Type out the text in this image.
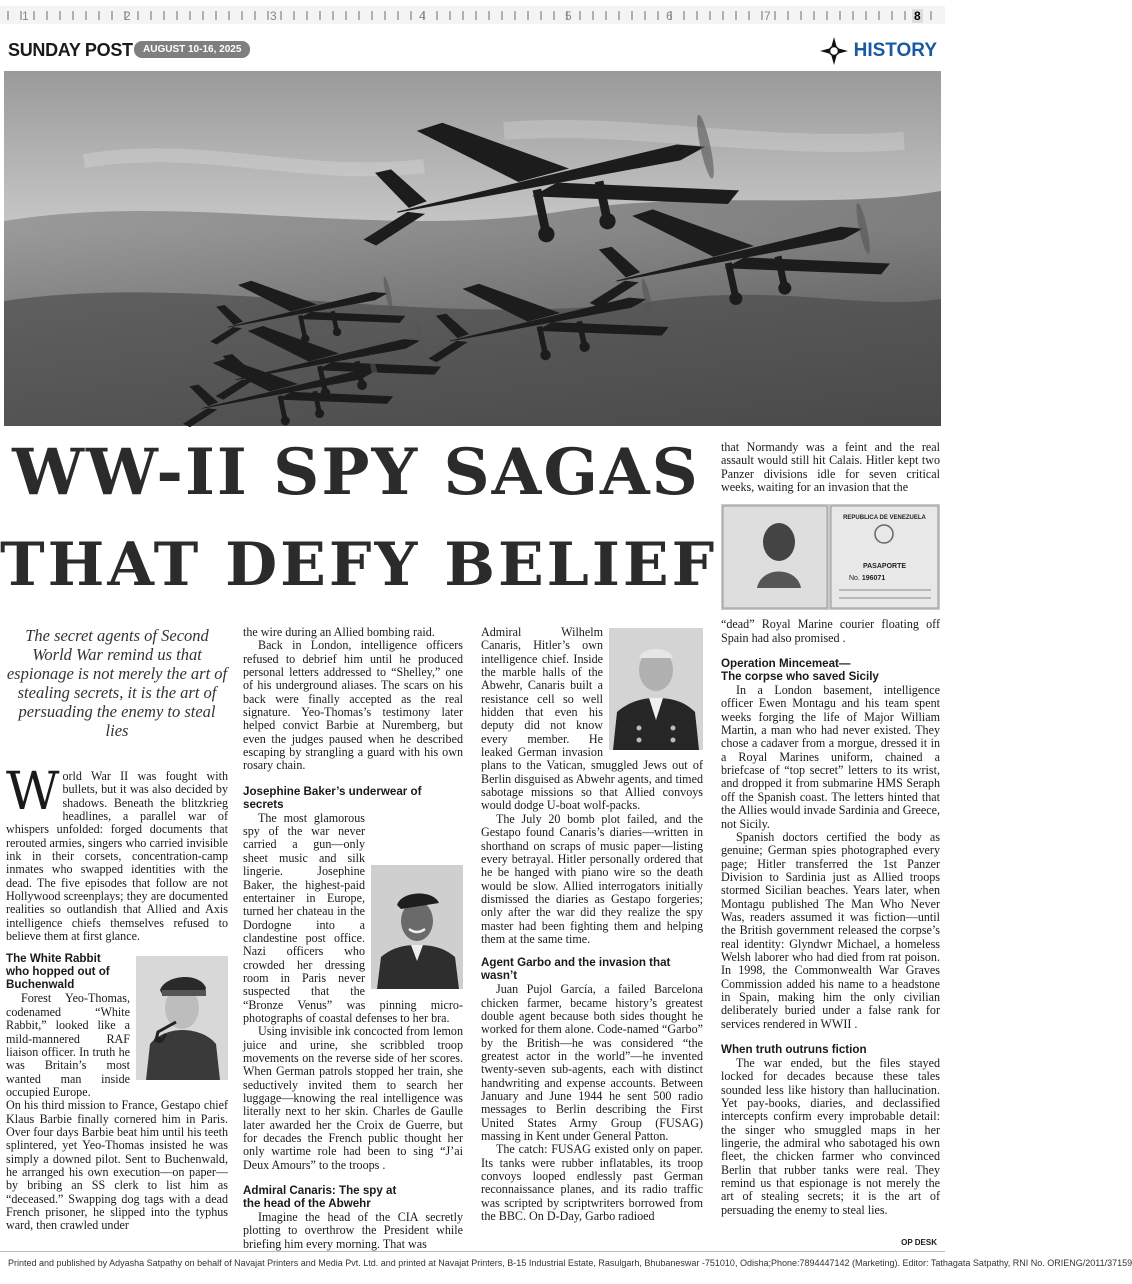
1	2	3	4	5	6	7	8
SUNDAY POST	AUGUST 10-16, 2025	HISTORY
WW-II SPY SAGAS
THAT DEFY BELIEF
The secret agents of Second World War remind us that espionage is not merely the art of stealing secrets, it is the art of persuading the enemy to steal lies

World War II was fought with bullets, but it was also decided by shadows. Beneath the blitzkrieg headlines, a parallel war of whispers unfolded: forged documents that rerouted armies, singers who carried invisible ink in their corsets, concentration-camp inmates who swapped identities with the dead. The five episodes that follow are not Hollywood screenplays; they are documented realities so outlandish that Allied and Axis intelligence chiefs themselves refused to believe them at first glance.

The White Rabbit who hopped out of Buchenwald

Forest Yeo-Thomas, codenamed “White Rabbit,” looked like a mild-mannered RAF liaison officer. In truth he was Britain’s most wanted man inside occupied Europe.

On his third mission to France, Gestapo chief Klaus Barbie finally cornered him in Paris. Over four days Barbie beat him until his teeth splintered, yet Yeo-Thomas insisted he was simply a downed pilot. Sent to Buchenwald, he arranged his own execution—on paper—by bribing an SS clerk to list him as “deceased.” Swapping dog tags with a dead French prisoner, he slipped into the typhus ward, then crawled under

the wire during an Allied bombing raid.

Back in London, intelligence officers refused to debrief him until he produced personal letters addressed to “Shelley,” one of his underground aliases. The scars on his back were finally accepted as the real signature. Yeo-Thomas’s testimony later helped convict Barbie at Nuremberg, but even the judges paused when he described escaping by strangling a guard with his own rosary chain.

Josephine Baker’s underwear of secrets

The most glamorous spy of the war never carried a gun—only sheet music and silk lingerie. Josephine Baker, the highest-paid entertainer in Europe, turned her chateau in the Dordogne into a clandestine post office. Nazi officers who crowded her dressing room in Paris never suspected that the “Bronze Venus” was pinning micro-photographs of coastal defenses to her bra.

Using invisible ink concocted from lemon juice and urine, she scribbled troop movements on the reverse side of her scores. When German patrols stopped her train, she seductively invited them to search her luggage—knowing the real intelligence was literally next to her skin. Charles de Gaulle later awarded her the Croix de Guerre, but for decades the French public thought her only wartime role had been to sing “J’ai Deux Amours” to the troops .

Admiral Canaris: The spy at the head of the Abwehr

Imagine the head of the CIA secretly plotting to overthrow the President while briefing him every morning. That was

Admiral Wilhelm Canaris, Hitler’s own intelligence chief. Inside the marble halls of the Abwehr, Canaris built a resistance cell so well hidden that even his deputy did not know every member. He leaked German invasion plans to the Vatican, smuggled Jews out of Berlin disguised as Abwehr agents, and timed sabotage missions so that Allied convoys would dodge U-boat wolf-packs.

The July 20 bomb plot failed, and the Gestapo found Canaris’s diaries—written in shorthand on scraps of music paper—listing every betrayal. Hitler personally ordered that he be hanged with piano wire so the death would be slow. Allied interrogators initially dismissed the diaries as Gestapo forgeries; only after the war did they realize the spy master had been fighting them and helping them at the same time.

Agent Garbo and the invasion that wasn’t

Juan Pujol García, a failed Barcelona chicken farmer, became history’s greatest double agent because both sides thought he worked for them alone. Code-named “Garbo” by the British—he was considered “the greatest actor in the world”—he invented twenty-seven sub-agents, each with distinct handwriting and expense accounts. Between January and June 1944 he sent 500 radio messages to Berlin describing the First United States Army Group (FUSAG) massing in Kent under General Patton.

The catch: FUSAG existed only on paper. Its tanks were rubber inflatables, its troop convoys looped endlessly past German reconnaissance planes, and its radio traffic was scripted by scriptwriters borrowed from the BBC. On D-Day, Garbo radioed

that Normandy was a feint and the real assault would still hit Calais. Hitler kept two Panzer divisions idle for seven critical weeks, waiting for an invasion that the

REPUBLICA DE VENEZUELA
PASAPORTE
No. 196071

“dead” Royal Marine courier floating off Spain had also promised .

Operation Mincemeat—
The corpse who saved Sicily

In a London basement, intelligence officer Ewen Montagu and his team spent weeks forging the life of Major William Martin, a man who had never existed. They chose a cadaver from a morgue, dressed it in a Royal Marines uniform, chained a briefcase of “top secret” letters to its wrist, and dropped it from submarine HMS Seraph off the Spanish coast. The letters hinted that the Allies would invade Sardinia and Greece, not Sicily.

Spanish doctors certified the body as genuine; German spies photographed every page; Hitler transferred the 1st Panzer Division to Sardinia just as Allied troops stormed Sicilian beaches. Years later, when Montagu published The Man Who Never Was, readers assumed it was fiction—until the British government released the corpse’s real identity: Glyndwr Michael, a homeless Welsh laborer who had died from rat poison. In 1998, the Commonwealth War Graves Commission added his name to a headstone in Spain, making him the only civilian deliberately buried under a false rank for services rendered in WWII .

When truth outruns fiction

The war ended, but the files stayed locked for decades because these tales sounded less like history than hallucination. Yet pay-books, diaries, and declassified intercepts confirm every improbable detail: the singer who smuggled maps in her lingerie, the admiral who sabotaged his own fleet, the chicken farmer who convinced Berlin that rubber tanks were real. They remind us that espionage is not merely the art of stealing secrets; it is the art of persuading the enemy to steal lies.

OP DESK
Printed and published by Adyasha Satpathy on behalf of Navajat Printers and Media Pvt. Ltd. and printed at Navajat Printers, B-15 Industrial Estate, Rasulgarh, Bhubaneswar -751010, Odisha;Phone:7894447142 (Marketing). Editor: Tathagata Satpathy, RNI No. ORIENG/2011/37159
